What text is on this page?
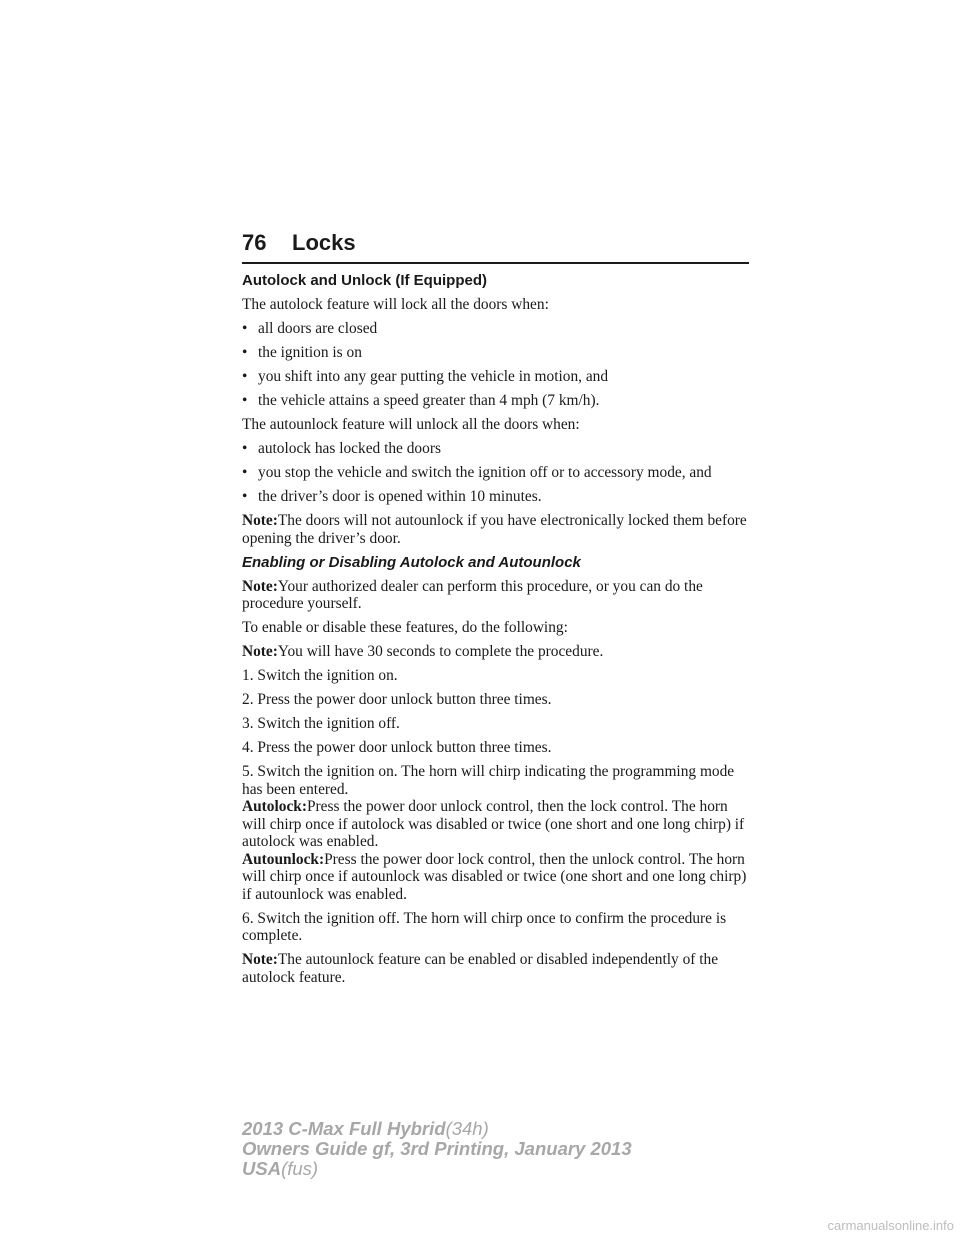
76 Locks
Autolock and Unlock (If Equipped)

The autolock feature will lock all the doors when:

• all doors are closed
• the ignition is on
• you shift into any gear putting the vehicle in motion, and
• the vehicle attains a speed greater than 4 mph (7 km/h).

The autounlock feature will unlock all the doors when:

• autolock has locked the doors
• you stop the vehicle and switch the ignition off or to accessory mode, and
• the driver’s door is opened within 10 minutes.

Note:The doors will not autounlock if you have electronically locked them before opening the driver’s door.

Enabling or Disabling Autolock and Autounlock

Note:Your authorized dealer can perform this procedure, or you can do the procedure yourself.

To enable or disable these features, do the following:

Note:You will have 30 seconds to complete the procedure.

1. Switch the ignition on.

2. Press the power door unlock button three times.

3. Switch the ignition off.

4. Press the power door unlock button three times.

5. Switch the ignition on. The horn will chirp indicating the programming mode has been entered.

Autolock:Press the power door unlock control, then the lock control. The horn will chirp once if autolock was disabled or twice (one short and one long chirp) if autolock was enabled.

Autounlock:Press the power door lock control, then the unlock control. The horn will chirp once if autounlock was disabled or twice (one short and one long chirp) if autounlock was enabled.

6. Switch the ignition off. The horn will chirp once to confirm the procedure is complete.

Note:The autounlock feature can be enabled or disabled independently of the autolock feature.

2013 C-Max Full Hybrid(34h)
Owners Guide gf, 3rd Printing, January 2013
USA(fus)
carmanualsonline.info
